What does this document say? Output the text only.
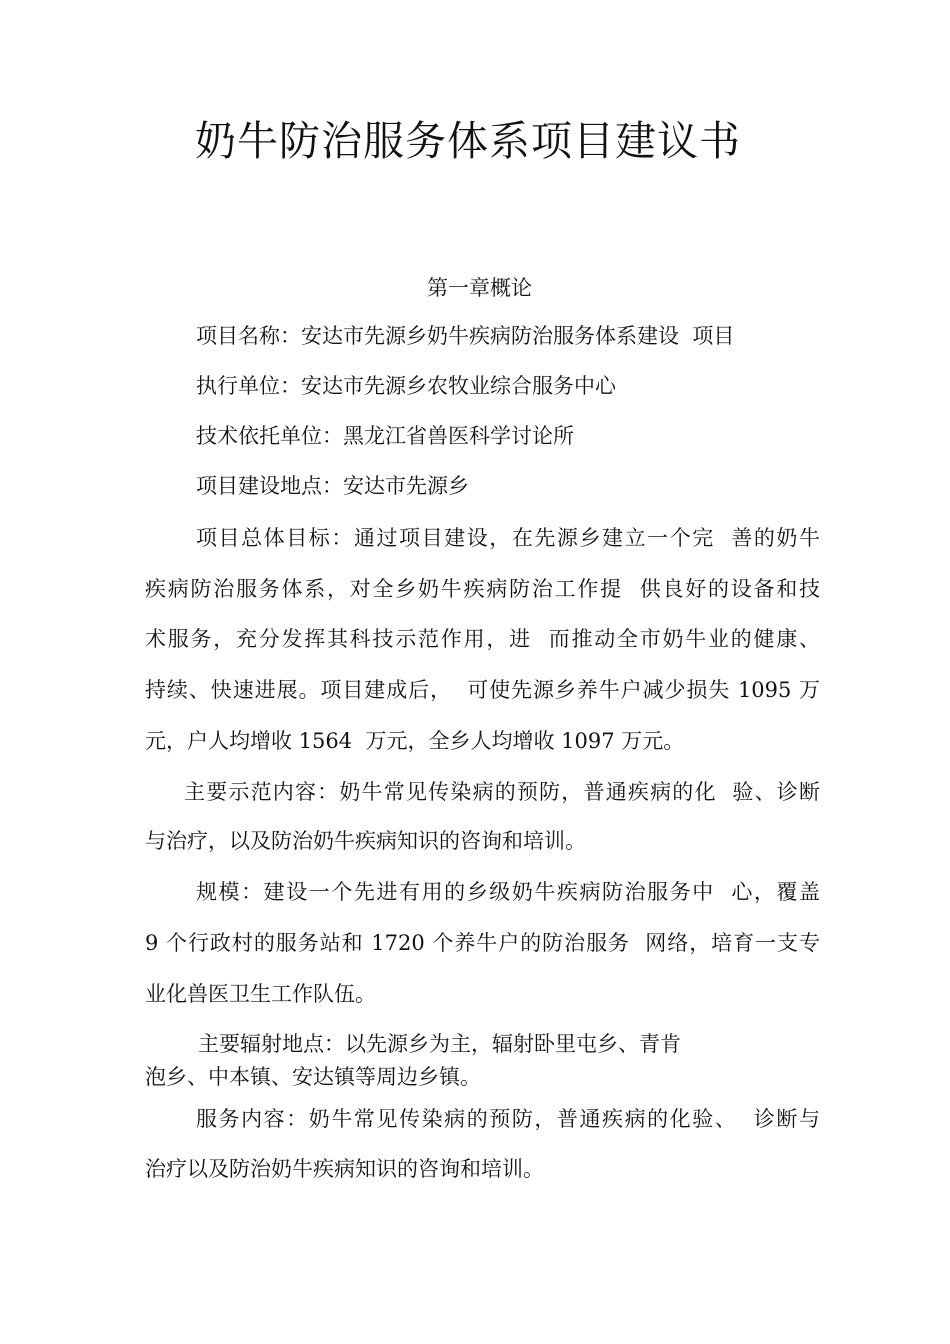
奶牛防治服务体系项目建议书
第一章概论

项目名称：安达市先源乡奶牛疾病防治服务体系建设  项目

执行单位：安达市先源乡农牧业综合服务中心

技术依托单位：黑龙江省兽医科学讨论所

项目建设地点：安达市先源乡

项目总体目标：通过项目建设，在先源乡建立一个完  善的奶牛

疾病防治服务体系，对全乡奶牛疾病防治工作提  供良好的设备和技

术服务，充分发挥其科技示范作用，进  而推动全市奶牛业的健康、

持续、快速进展。项目建成后，  可使先源乡养牛户减少损失 1095 万

元，户人均增收 1564  万元，全乡人均增收 1097 万元。

主要示范内容：奶牛常见传染病的预防，普通疾病的化  验、诊断

与治疗，以及防治奶牛疾病知识的咨询和培训。

规模：建设一个先进有用的乡级奶牛疾病防治服务中  心，覆盖

9 个行政村的服务站和 1720 个养牛户的防治服务  网络，培育一支专

业化兽医卫生工作队伍。

主要辐射地点：以先源乡为主，辐射卧里屯乡、青肯

泡乡、中本镇、安达镇等周边乡镇。

服务内容：奶牛常见传染病的预防，普通疾病的化验、  诊断与

治疗以及防治奶牛疾病知识的咨询和培训。
